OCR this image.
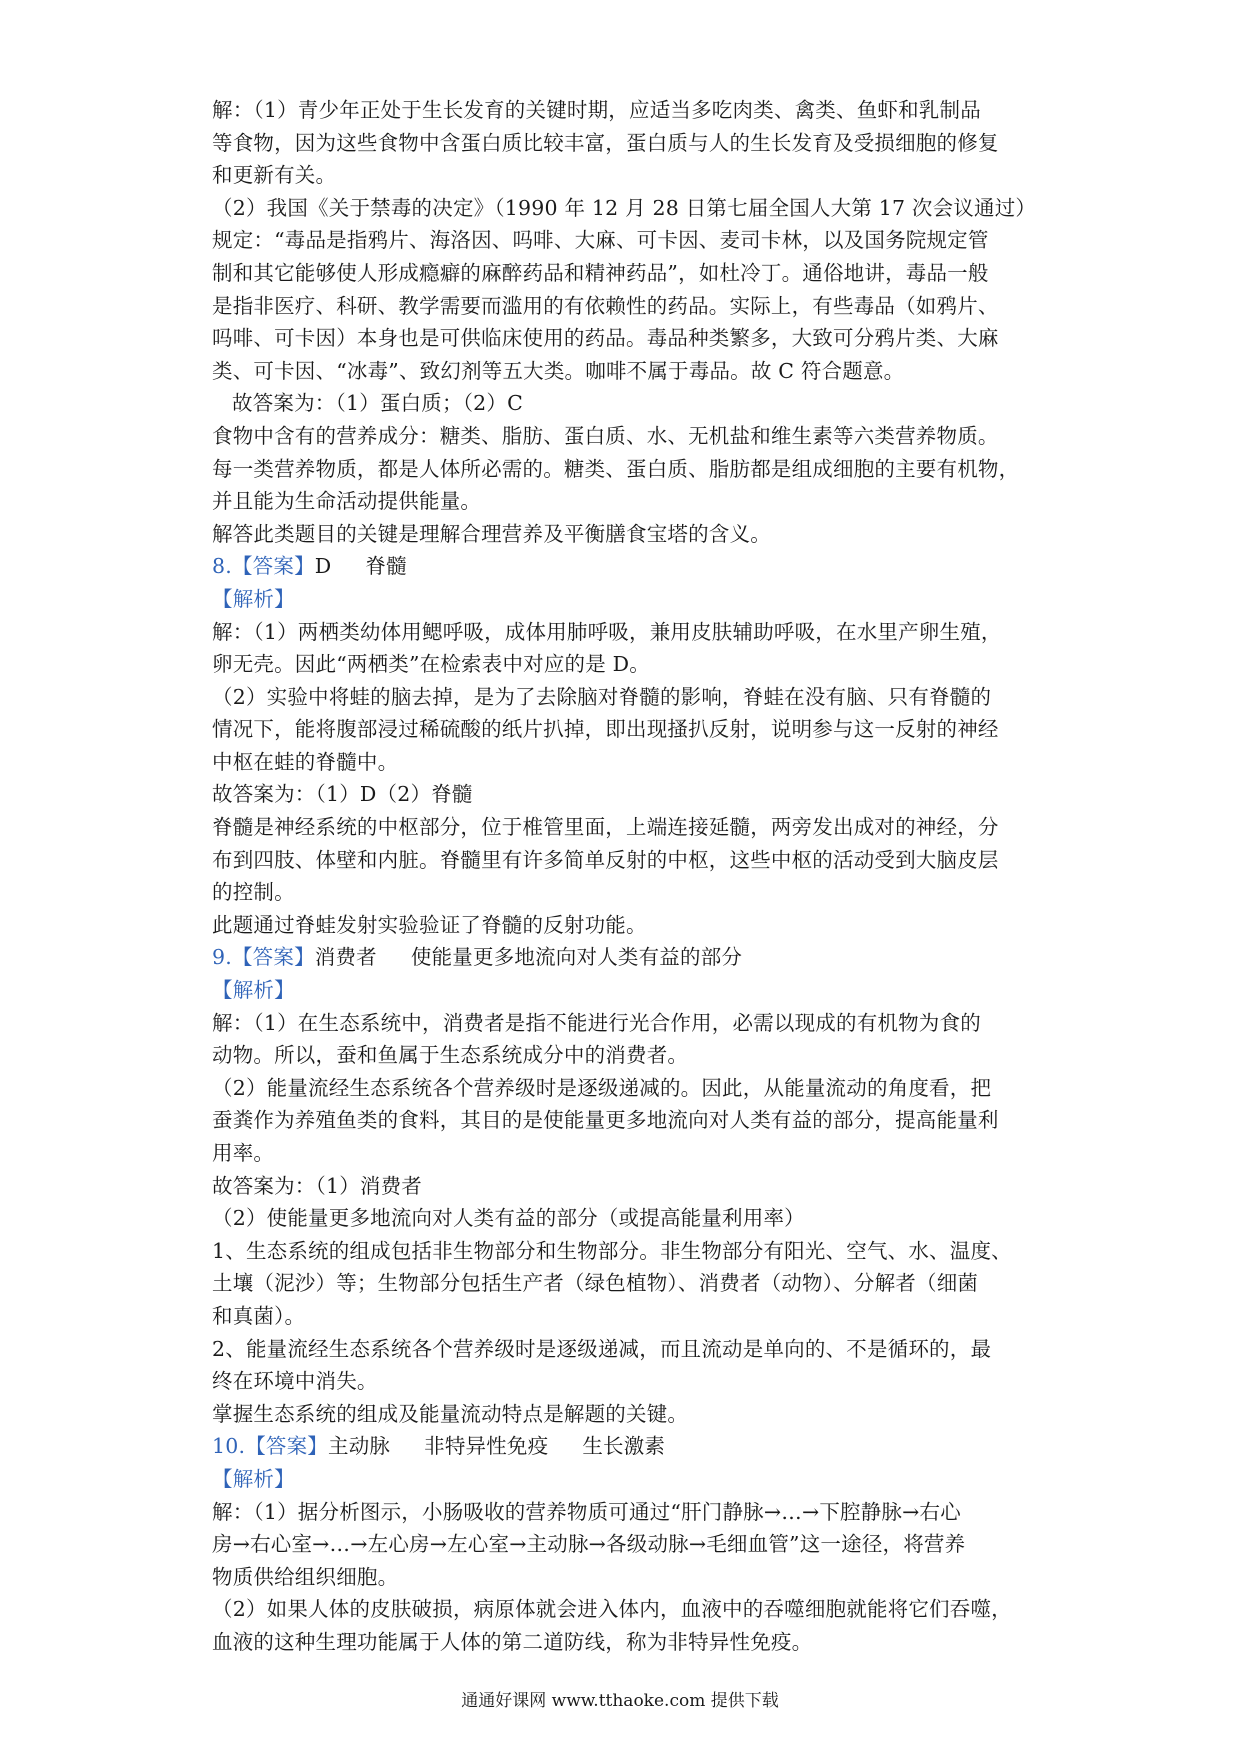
解：（1）青少年正处于生长发育的关键时期，应适当多吃肉类、禽类、鱼虾和乳制品
等食物，因为这些食物中含蛋白质比较丰富，蛋白质与人的生长发育及受损细胞的修复
和更新有关。
（2）我国《关于禁毒的决定》（1990 年 12 月 28 日第七届全国人大第 17 次会议通过）
规定：“毒品是指鸦片、海洛因、吗啡、大麻、可卡因、麦司卡林，以及国务院规定管
制和其它能够使人形成瘾癖的麻醉药品和精神药品”，如杜冷丁。通俗地讲，毒品一般
是指非医疗、科研、教学需要而滥用的有依赖性的药品。实际上，有些毒品（如鸦片、
吗啡、可卡因）本身也是可供临床使用的药品。毒品种类繁多，大致可分鸦片类、大麻
类、可卡因、“冰毒”、致幻剂等五大类。咖啡不属于毒品。故 C 符合题意。
故答案为：（1）蛋白质；（2）C
食物中含有的营养成分：糖类、脂肪、蛋白质、水、无机盐和维生素等六类营养物质。
每一类营养物质，都是人体所必需的。糖类、蛋白质、脂肪都是组成细胞的主要有机物，
并且能为生命活动提供能量。
解答此类题目的关键是理解合理营养及平衡膳食宝塔的含义。
8.【答案】D 脊髓
【解析】
解：（1）两栖类幼体用鳃呼吸，成体用肺呼吸，兼用皮肤辅助呼吸，在水里产卵生殖，
卵无壳。因此“两栖类”在检索表中对应的是 D。
（2）实验中将蛙的脑去掉，是为了去除脑对脊髓的影响，脊蛙在没有脑、只有脊髓的
情况下，能将腹部浸过稀硫酸的纸片扒掉，即出现搔扒反射，说明参与这一反射的神经
中枢在蛙的脊髓中。
故答案为：（1）D（2）脊髓
脊髓是神经系统的中枢部分，位于椎管里面，上端连接延髓，两旁发出成对的神经，分
布到四肢、体壁和内脏。脊髓里有许多简单反射的中枢，这些中枢的活动受到大脑皮层
的控制。
此题通过脊蛙发射实验验证了脊髓的反射功能。
9.【答案】消费者 使能量更多地流向对人类有益的部分
【解析】
解：（1）在生态系统中，消费者是指不能进行光合作用，必需以现成的有机物为食的
动物。所以，蚕和鱼属于生态系统成分中的消费者。
（2）能量流经生态系统各个营养级时是逐级递减的。因此，从能量流动的角度看，把
蚕粪作为养殖鱼类的食料，其目的是使能量更多地流向对人类有益的部分，提高能量利
用率。
故答案为：（1）消费者
（2）使能量更多地流向对人类有益的部分（或提高能量利用率）
1、生态系统的组成包括非生物部分和生物部分。非生物部分有阳光、空气、水、温度、
土壤（泥沙）等；生物部分包括生产者（绿色植物）、消费者（动物）、分解者（细菌
和真菌）。
2、能量流经生态系统各个营养级时是逐级递减，而且流动是单向的、不是循环的，最
终在环境中消失。
掌握生态系统的组成及能量流动特点是解题的关键。
10.【答案】主动脉 非特异性免疫 生长激素
【解析】
解：（1）据分析图示，小肠吸收的营养物质可通过“肝门静脉→…→下腔静脉→右心
房→右心室→…→左心房→左心室→主动脉→各级动脉→毛细血管”这一途径，将营养
物质供给组织细胞。
（2）如果人体的皮肤破损，病原体就会进入体内，血液中的吞噬细胞就能将它们吞噬，
血液的这种生理功能属于人体的第二道防线，称为非特异性免疫。
通通好课网 www.tthaoke.com 提供下载
